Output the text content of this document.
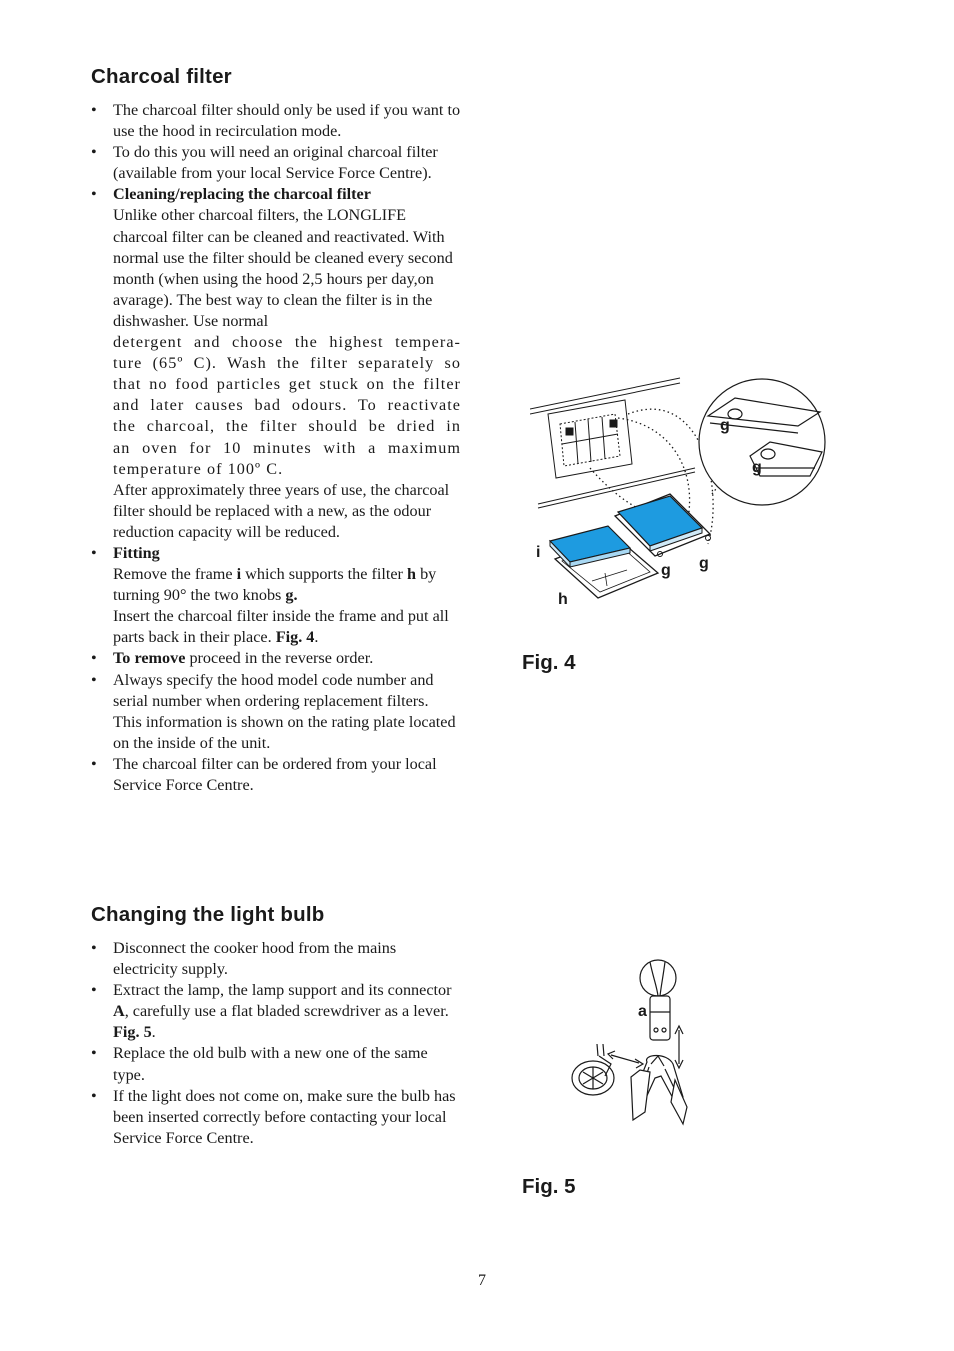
Charcoal filter
• The charcoal filter should only be used if you want to use the hood in recirculation mode.
• To do this you will need an original charcoal filter (available from your local Service Force Centre).
• Cleaning/replacing the charcoal filter
Unlike other charcoal filters, the LONGLIFE charcoal filter can be cleaned and reactivated. With normal use the filter should be cleaned every second month (when using the hood 2,5 hours per day,on avarage). The best way to clean the filter is in the dishwasher. Use normal
detergent and choose the highest tempera-
ture (65º C). Wash the filter separately so
that no food particles get stuck on the filter
and later causes bad odours. To reactivate
the charcoal, the filter should be dried in
an oven for 10 minutes with a maximum
temperature of 100º C.
After approximately three years of use, the charcoal filter should be replaced with a new, as the odour reduction capacity will be reduced.
• Fitting
Remove the frame i which supports the filter h by turning 90° the two knobs g.
Insert the charcoal filter inside the frame and put all parts back in their place. Fig. 4.
• To remove proceed in the reverse order.
• Always specify the hood model code number and serial number when ordering replacement filters. This information is shown on the rating plate located on the inside of the unit.
• The charcoal filter can be ordered from your local Service Force Centre.
Changing the light bulb
• Disconnect the cooker hood from the mains electricity supply.
• Extract the lamp, the lamp support and its connector A, carefully use a flat bladed screwdriver as a lever. Fig. 5.
• Replace the old bulb with a new one of the same type.
• If the light does not come on, make sure the bulb has been inserted correctly before contacting your local Service Force Centre.
g
g
i
g g
h
Fig. 4
a
Fig. 5
7
